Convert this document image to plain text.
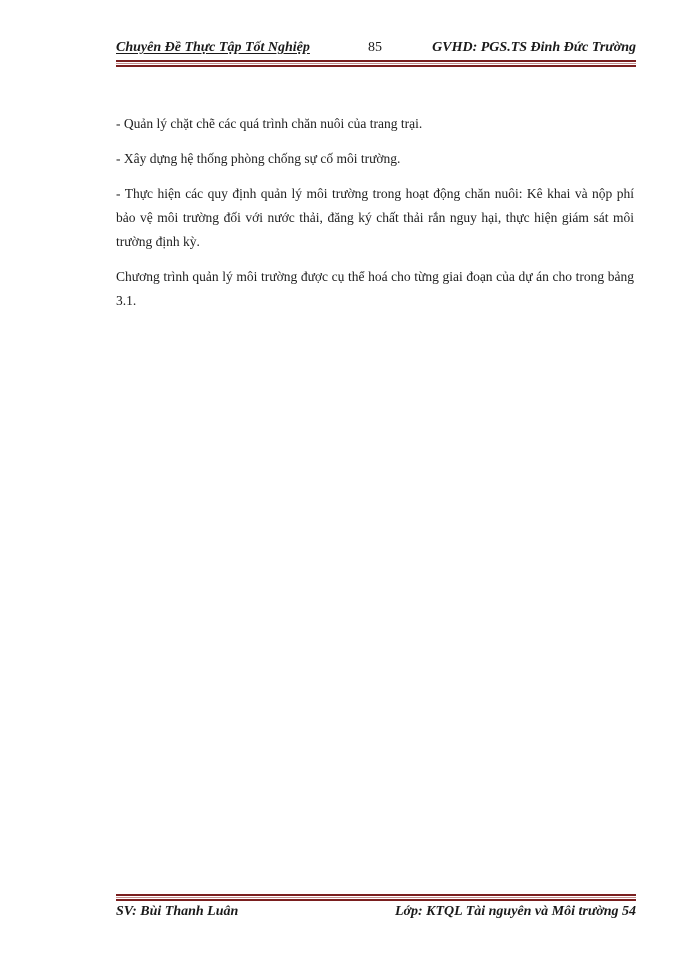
Chuyên Đề Thực Tập Tốt Nghiệp	85	GVHD: PGS.TS Đinh Đức Trường

- Quản lý chặt chẽ các quá trình chăn nuôi của trang trại.

- Xây dựng hệ thống phòng chống sự cố môi trường.

- Thực hiện các quy định quản lý môi trường trong hoạt động chăn nuôi: Kê khai và nộp phí bảo vệ môi trường đối với nước thải, đăng ký chất thải rắn nguy hại, thực hiện giám sát môi trường định kỳ.

Chương trình quản lý môi trường được cụ thể hoá cho từng giai đoạn của dự án cho trong bảng 3.1.

SV: Bùi Thanh Luân	Lớp: KTQL Tài nguyên và Môi trường 54
